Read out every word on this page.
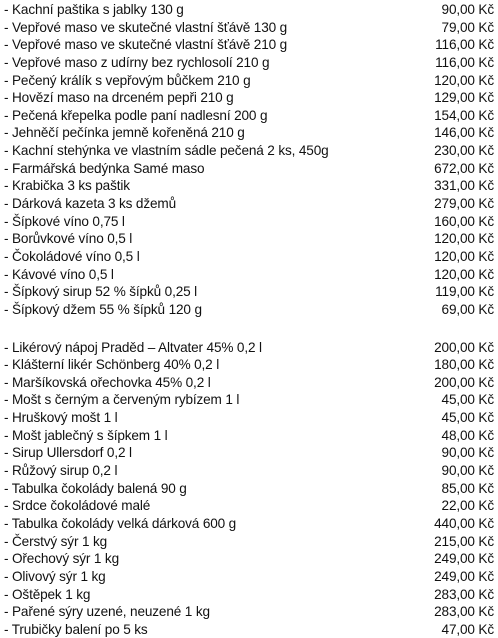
- Kachní paštika s jablky 130 g	90,00 Kč
- Vepřové maso ve skutečné vlastní šťávě 130 g	79,00 Kč
- Vepřové maso ve skutečné vlastní šťávě 210 g	116,00 Kč
- Vepřové maso z udírny bez rychlosolí 210 g	116,00 Kč
- Pečený králík s vepřovým bůčkem 210 g	120,00 Kč
- Hovězí maso na drceném pepři 210 g	129,00 Kč
- Pečená křepelka podle paní nadlesní 200 g	154,00 Kč
- Jehněčí pečínka jemně kořeněná 210 g	146,00 Kč
- Kachní stehýnka ve vlastním sádle pečená 2 ks, 450g	230,00 Kč
- Farmářská bedýnka Samé maso	672,00 Kč
- Krabička 3 ks paštik	331,00 Kč
- Dárková kazeta 3 ks džemů	279,00 Kč
- Šípkové víno 0,75 l	160,00 Kč
- Borůvkové víno 0,5 l	120,00 Kč
- Čokoládové víno 0,5 l	120,00 Kč
- Kávové víno 0,5 l	120,00 Kč
- Šípkový sirup 52 % šípků 0,25 l	119,00 Kč
- Šípkový džem 55 % šípků 120 g	69,00 Kč
- Likérový nápoj Praděd – Altvater 45% 0,2 l	200,00 Kč
- Klášterní likér Schönberg 40% 0,2 l	180,00 Kč
- Maršíkovská ořechovka 45% 0,2 l	200,00 Kč
- Mošt s černým a červeným rybízem 1 l	45,00 Kč
- Hruškový mošt 1 l	45,00 Kč
- Mošt jablečný s šípkem 1 l	48,00 Kč
- Sirup Ullersdorf 0,2 l	90,00 Kč
- Růžový sirup 0,2 l	90,00 Kč
- Tabulka čokolády balená 90 g	85,00 Kč
- Srdce čokoládové malé	22,00 Kč
- Tabulka čokolády velká dárková 600 g	440,00 Kč
- Čerstvý sýr 1 kg	215,00 Kč
- Ořechový sýr 1 kg	249,00 Kč
- Olivový sýr 1 kg	249,00 Kč
- Oštěpek 1 kg	283,00 Kč
- Pařené sýry uzené, neuzené 1 kg	283,00 Kč
- Trubičky balení po 5 ks	47,00 Kč
